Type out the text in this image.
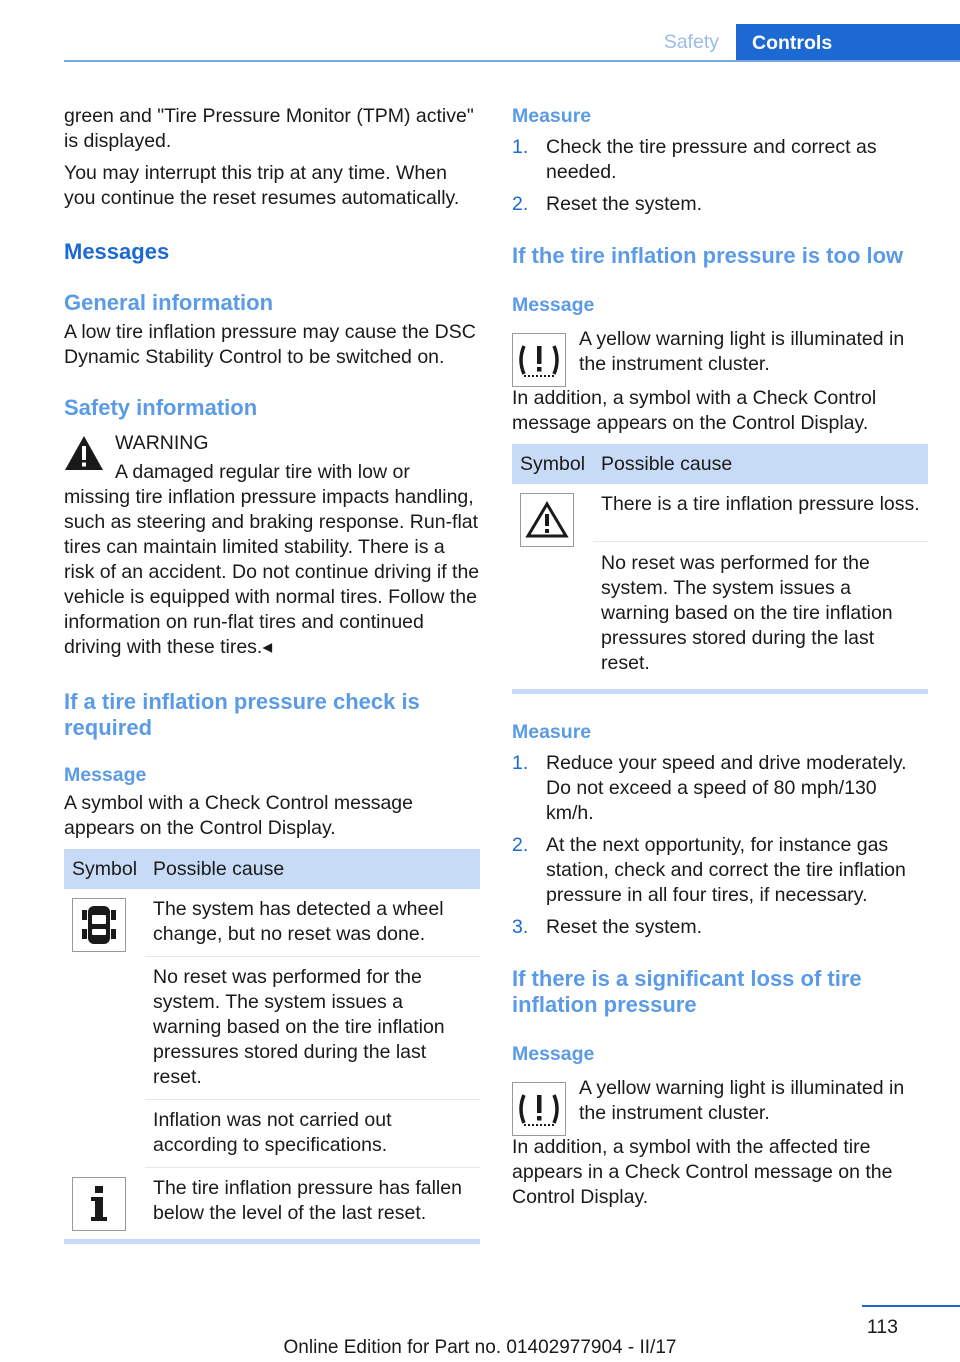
Safety	Controls

green and "Tire Pressure Monitor (TPM) active" is displayed.

You may interrupt this trip at any time. When you continue the reset resumes automatically.

Messages
General information

A low tire inflation pressure may cause the DSC Dynamic Stability Control to be switched on.

Safety information

WARNING

A damaged regular tire with low or missing tire inflation pressure impacts handling, such as steering and braking response. Run-flat tires can maintain limited stability. There is a risk of an accident. Do not continue driving if the vehicle is equipped with normal tires. Follow the information on run-flat tires and continued driving with these tires.◂

If a tire inflation pressure check is required
Message

A symbol with a Check Control message appears on the Control Display.

Symbol	Possible cause

	The system has detected a wheel change, but no reset was done.
	No reset was performed for the system. The system issues a warning based on the tire inflation pressures stored during the last reset.
	Inflation was not carried out according to specifications.

	The tire inflation pressure has fallen below the level of the last reset.
Measure
1. Check the tire pressure and correct as needed.
2. Reset the system.
If the tire inflation pressure is too low
Message

A yellow warning light is illuminated in the instrument cluster.

In addition, a symbol with a Check Control message appears on the Control Display.

Symbol	Possible cause

	There is a tire inflation pressure loss.
	No reset was performed for the system. The system issues a warning based on the tire inflation pressures stored during the last reset.
Measure
1. Reduce your speed and drive moderately. Do not exceed a speed of 80 mph/130 km/h.
2. At the next opportunity, for instance gas station, check and correct the tire inflation pressure in all four tires, if necessary.
3. Reset the system.
If there is a significant loss of tire inflation pressure
Message

A yellow warning light is illuminated in the instrument cluster.

In addition, a symbol with the affected tire appears in a Check Control message on the Control Display.

113
Online Edition for Part no. 01402977904 - II/17
